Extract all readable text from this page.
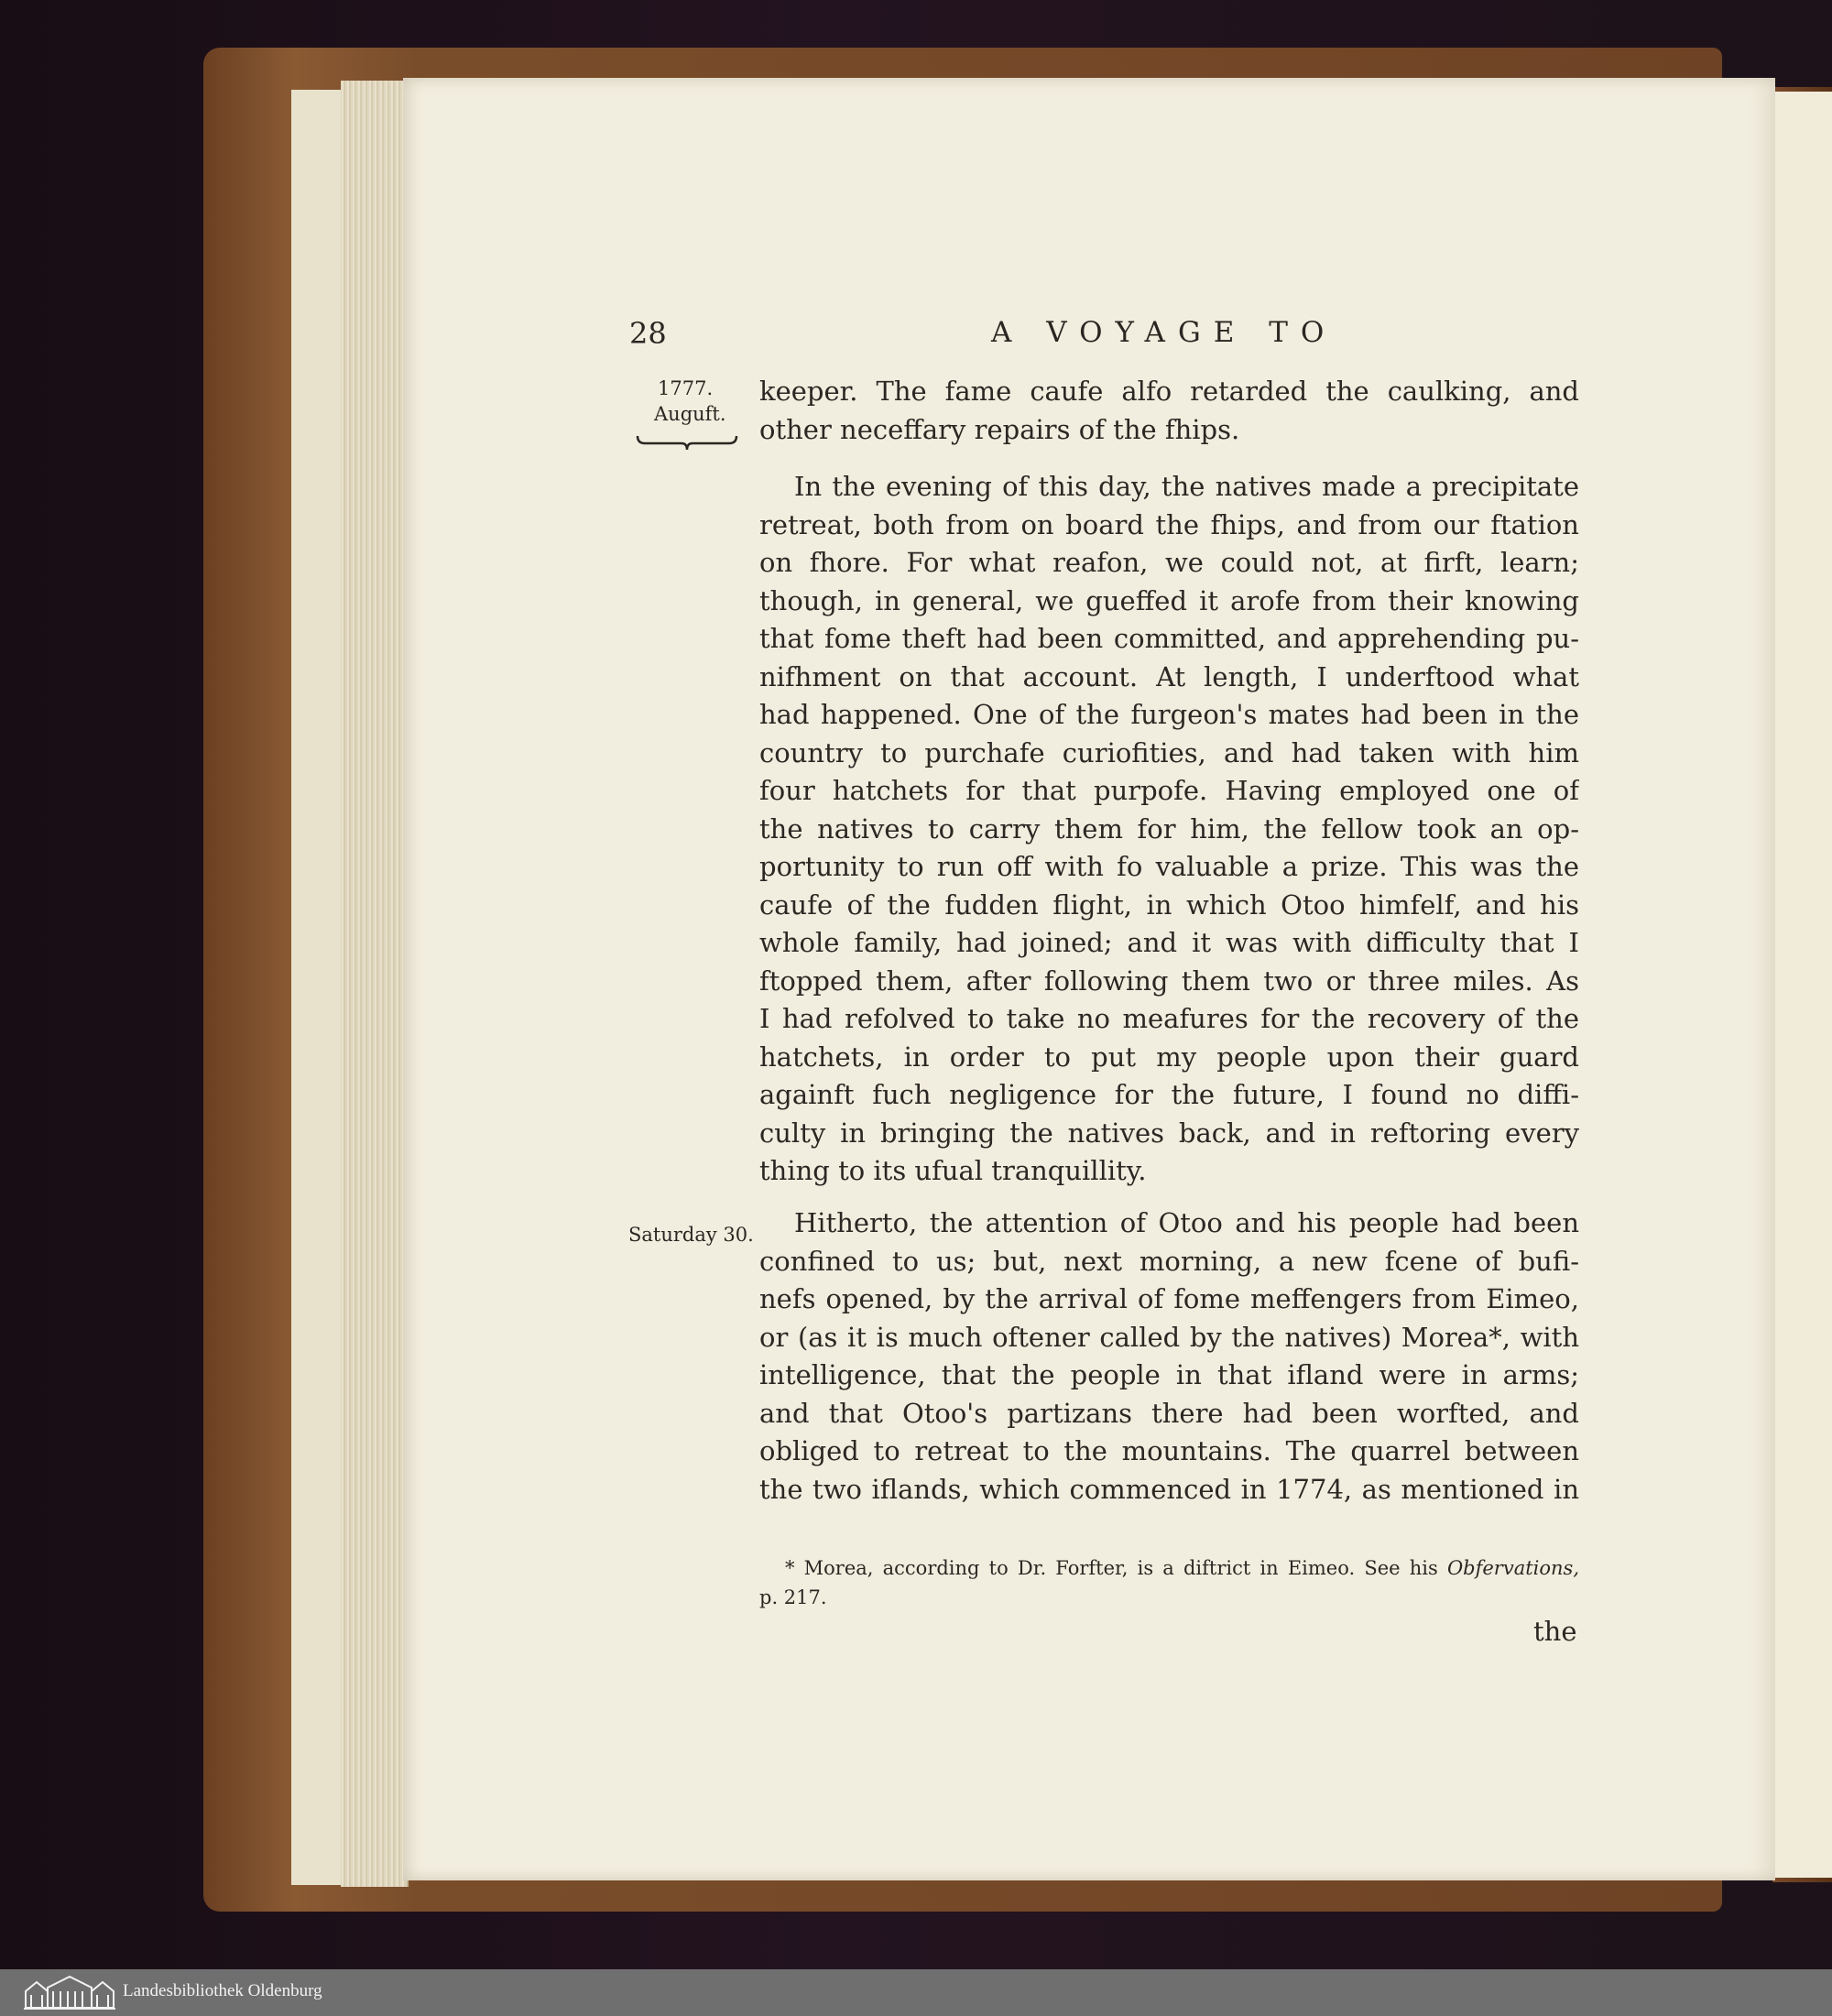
28	A VOYAGE TO
1777.
Auguft.
Saturday 30.
keeper. The fame caufe alfo retarded the caulking, and
other neceffary repairs of the fhips.
In the evening of this day, the natives made a precipitate
retreat, both from on board the fhips, and from our ftation
on fhore. For what reafon, we could not, at firft, learn;
though, in general, we gueffed it arofe from their knowing
that fome theft had been committed, and apprehending pu-
nifhment on that account. At length, I underftood what
had happened. One of the furgeon's mates had been in the
country to purchafe curiofities, and had taken with him
four hatchets for that purpofe. Having employed one of
the natives to carry them for him, the fellow took an op-
portunity to run off with fo valuable a prize. This was the
caufe of the fudden flight, in which Otoo himfelf, and his
whole family, had joined; and it was with difficulty that I
ftopped them, after following them two or three miles. As
I had refolved to take no meafures for the recovery of the
hatchets, in order to put my people upon their guard
againft fuch negligence for the future, I found no diffi-
culty in bringing the natives back, and in reftoring every
thing to its ufual tranquillity.
Hitherto, the attention of Otoo and his people had been
confined to us; but, next morning, a new fcene of bufi-
nefs opened, by the arrival of fome meffengers from Eimeo,
or (as it is much oftener called by the natives) Morea*, with
intelligence, that the people in that ifland were in arms;
and that Otoo's partizans there had been worfted, and
obliged to retreat to the mountains. The quarrel between
the two iflands, which commenced in 1774, as mentioned in
* Morea, according to Dr. Forfter, is a diftrict in Eimeo. See his Obfervations,
p. 217.
the
Landesbibliothek Oldenburg
